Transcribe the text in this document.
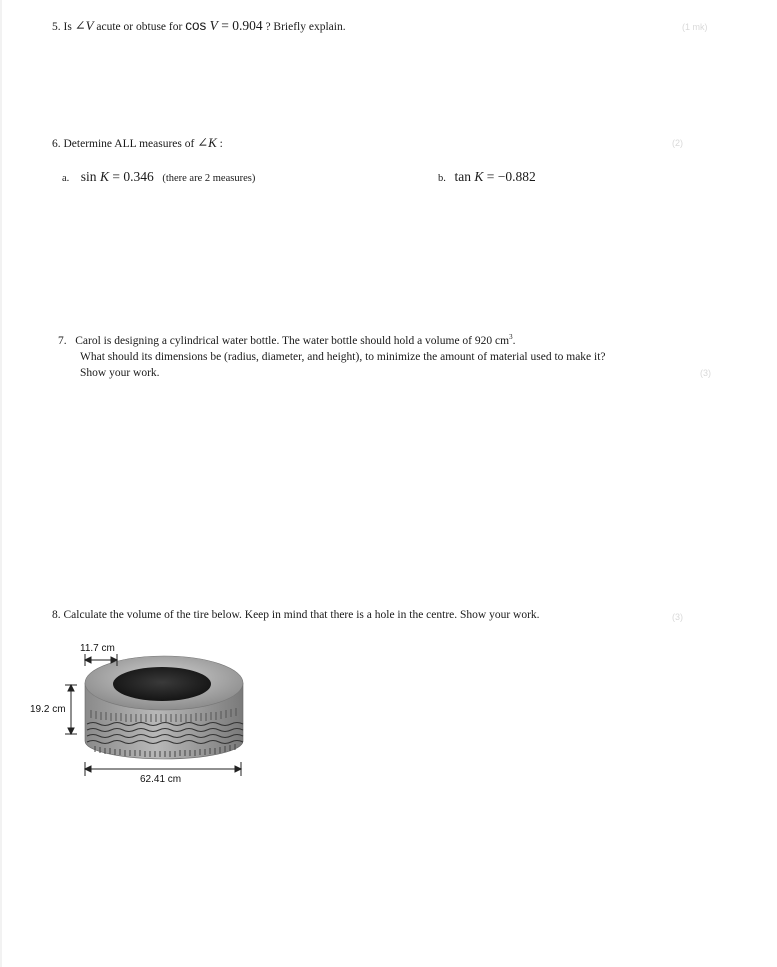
5. Is ∠V acute or obtuse for cos V = 0.904 ? Briefly explain.	(1 mk)
6. Determine ALL measures of ∠K :	(2)
a. sin K = 0.346 (there are 2 measures)	b. tan K = −0.882
7. Carol is designing a cylindrical water bottle. The water bottle should hold a volume of 920 $cm^3$.
What should its dimensions be (radius, diameter, and height), to minimize the amount of material used to make it?
Show your work.	(3)
8. Calculate the volume of the tire below. Keep in mind that there is a hole in the centre. Show your work.	(3)
11.7 cm
19.2 cm
62.41 cm
